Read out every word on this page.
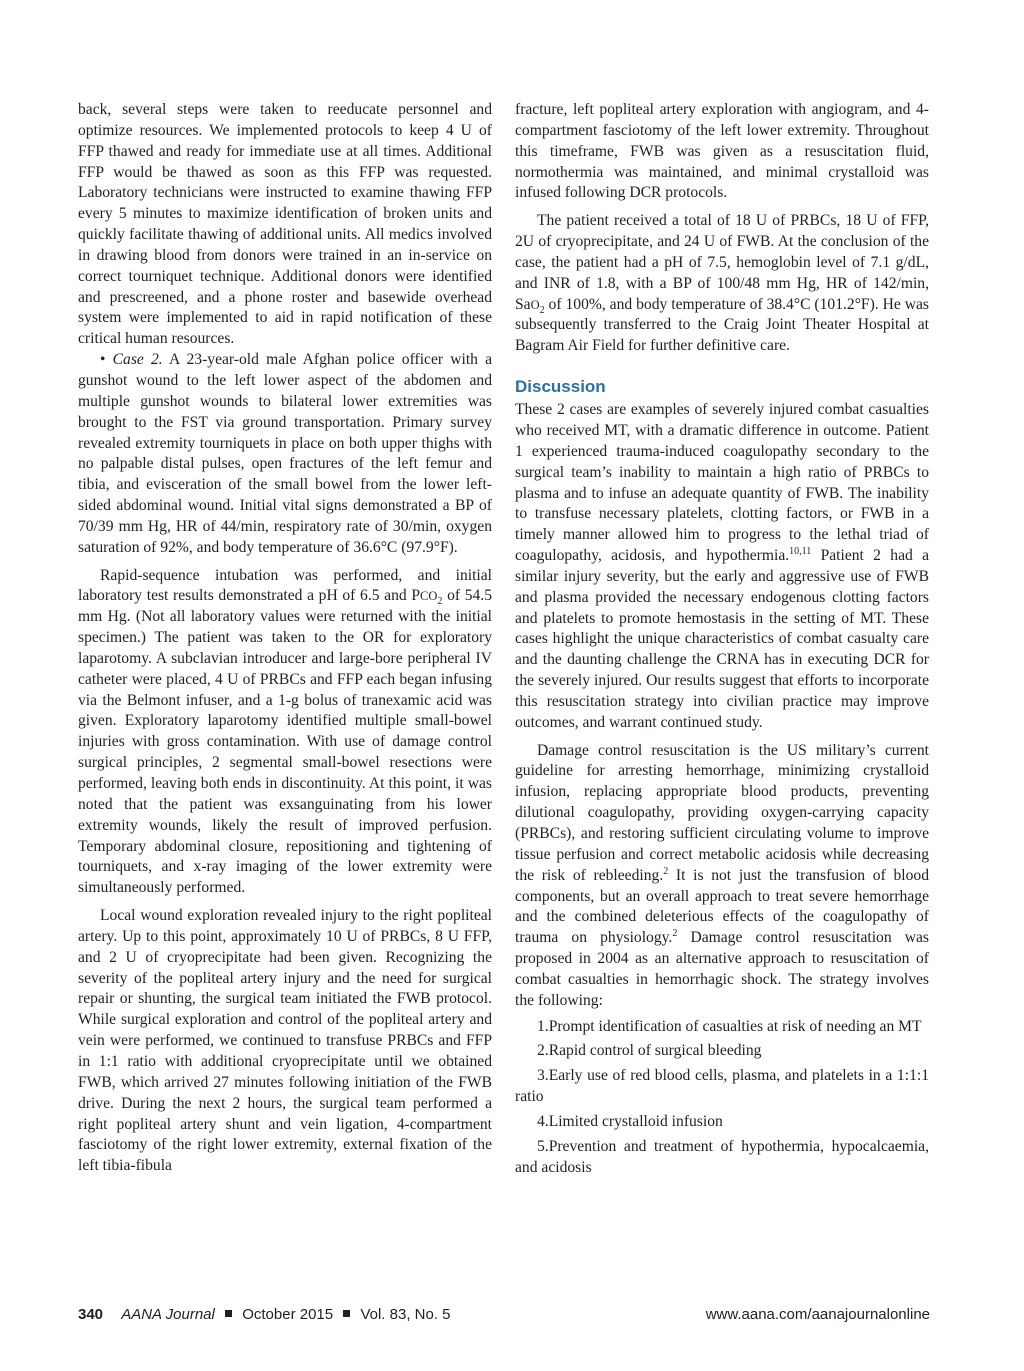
back, several steps were taken to reeducate personnel and optimize resources. We implemented protocols to keep 4 U of FFP thawed and ready for immediate use at all times. Additional FFP would be thawed as soon as this FFP was requested. Laboratory technicians were instructed to examine thawing FFP every 5 minutes to maximize identification of broken units and quickly facilitate thawing of additional units. All medics involved in drawing blood from donors were trained in an in-service on correct tourniquet technique. Additional donors were identified and prescreened, and a phone roster and basewide overhead system were implemented to aid in rapid notification of these critical human resources.

• Case 2. A 23-year-old male Afghan police officer with a gunshot wound to the left lower aspect of the abdomen and multiple gunshot wounds to bilateral lower extremities was brought to the FST via ground transportation. Primary survey revealed extremity tourniquets in place on both upper thighs with no palpable distal pulses, open fractures of the left femur and tibia, and evisceration of the small bowel from the lower left-sided abdominal wound. Initial vital signs demonstrated a BP of 70/39 mm Hg, HR of 44/min, respiratory rate of 30/min, oxygen saturation of 92%, and body temperature of 36.6°C (97.9°F).

Rapid-sequence intubation was performed, and initial laboratory test results demonstrated a pH of 6.5 and $PCO_2$ of 54.5 mm Hg. (Not all laboratory values were returned with the initial specimen.) The patient was taken to the OR for exploratory laparotomy. A subclavian introducer and large-bore peripheral IV catheter were placed, 4 U of PRBCs and FFP each began infusing via the Belmont infuser, and a 1-g bolus of tranexamic acid was given. Exploratory laparotomy identified multiple small-bowel injuries with gross contamination. With use of damage control surgical principles, 2 segmental small-bowel resections were performed, leaving both ends in discontinuity. At this point, it was noted that the patient was exsanguinating from his lower extremity wounds, likely the result of improved perfusion. Temporary abdominal closure, repositioning and tightening of tourniquets, and x-ray imaging of the lower extremity were simultaneously performed.

Local wound exploration revealed injury to the right popliteal artery. Up to this point, approximately 10 U of PRBCs, 8 U FFP, and 2 U of cryoprecipitate had been given. Recognizing the severity of the popliteal artery injury and the need for surgical repair or shunting, the surgical team initiated the FWB protocol. While surgical exploration and control of the popliteal artery and vein were performed, we continued to transfuse PRBCs and FFP in 1:1 ratio with additional cryoprecipitate until we obtained FWB, which arrived 27 minutes following initiation of the FWB drive. During the next 2 hours, the surgical team performed a right popliteal artery shunt and vein ligation, 4-compartment fasciotomy of the right lower extremity, external fixation of the left tibia-fibula

fracture, left popliteal artery exploration with angiogram, and 4-compartment fasciotomy of the left lower extremity. Throughout this timeframe, FWB was given as a resuscitation fluid, normothermia was maintained, and minimal crystalloid was infused following DCR protocols.

The patient received a total of 18 U of PRBCs, 18 U of FFP, 2U of cryoprecipitate, and 24 U of FWB. At the conclusion of the case, the patient had a pH of 7.5, hemoglobin level of 7.1 g/dL, and INR of 1.8, with a BP of 100/48 mm Hg, HR of 142/min, SaO$_2$ of 100%, and body temperature of 38.4°C (101.2°F). He was subsequently transferred to the Craig Joint Theater Hospital at Bagram Air Field for further definitive care.

Discussion

These 2 cases are examples of severely injured combat casualties who received MT, with a dramatic difference in outcome. Patient 1 experienced trauma-induced coagulopathy secondary to the surgical team’s inability to maintain a high ratio of PRBCs to plasma and to infuse an adequate quantity of FWB. The inability to transfuse necessary platelets, clotting factors, or FWB in a timely manner allowed him to progress to the lethal triad of coagulopathy, acidosis, and hypothermia.$^{10,11}$ Patient 2 had a similar injury severity, but the early and aggressive use of FWB and plasma provided the necessary endogenous clotting factors and platelets to promote hemostasis in the setting of MT. These cases highlight the unique characteristics of combat casualty care and the daunting challenge the CRNA has in executing DCR for the severely injured. Our results suggest that efforts to incorporate this resuscitation strategy into civilian practice may improve outcomes, and warrant continued study.

Damage control resuscitation is the US military’s current guideline for arresting hemorrhage, minimizing crystalloid infusion, replacing appropriate blood products, preventing dilutional coagulopathy, providing oxygen-carrying capacity (PRBCs), and restoring sufficient circulating volume to improve tissue perfusion and correct metabolic acidosis while decreasing the risk of rebleeding.$^2$ It is not just the transfusion of blood components, but an overall approach to treat severe hemorrhage and the combined deleterious effects of the coagulopathy of trauma on physiology.$^2$ Damage control resuscitation was proposed in 2004 as an alternative approach to resuscitation of combat casualties in hemorrhagic shock. The strategy involves the following:

1.Prompt identification of casualties at risk of needing an MT

2.Rapid control of surgical bleeding

3.Early use of red blood cells, plasma, and platelets in a 1:1:1 ratio

4.Limited crystalloid infusion

5.Prevention and treatment of hypothermia, hypocalcaemia, and acidosis

340 AANA Journal October 2015 Vol. 83, No. 5	www.aana.com/aanajournalonline
